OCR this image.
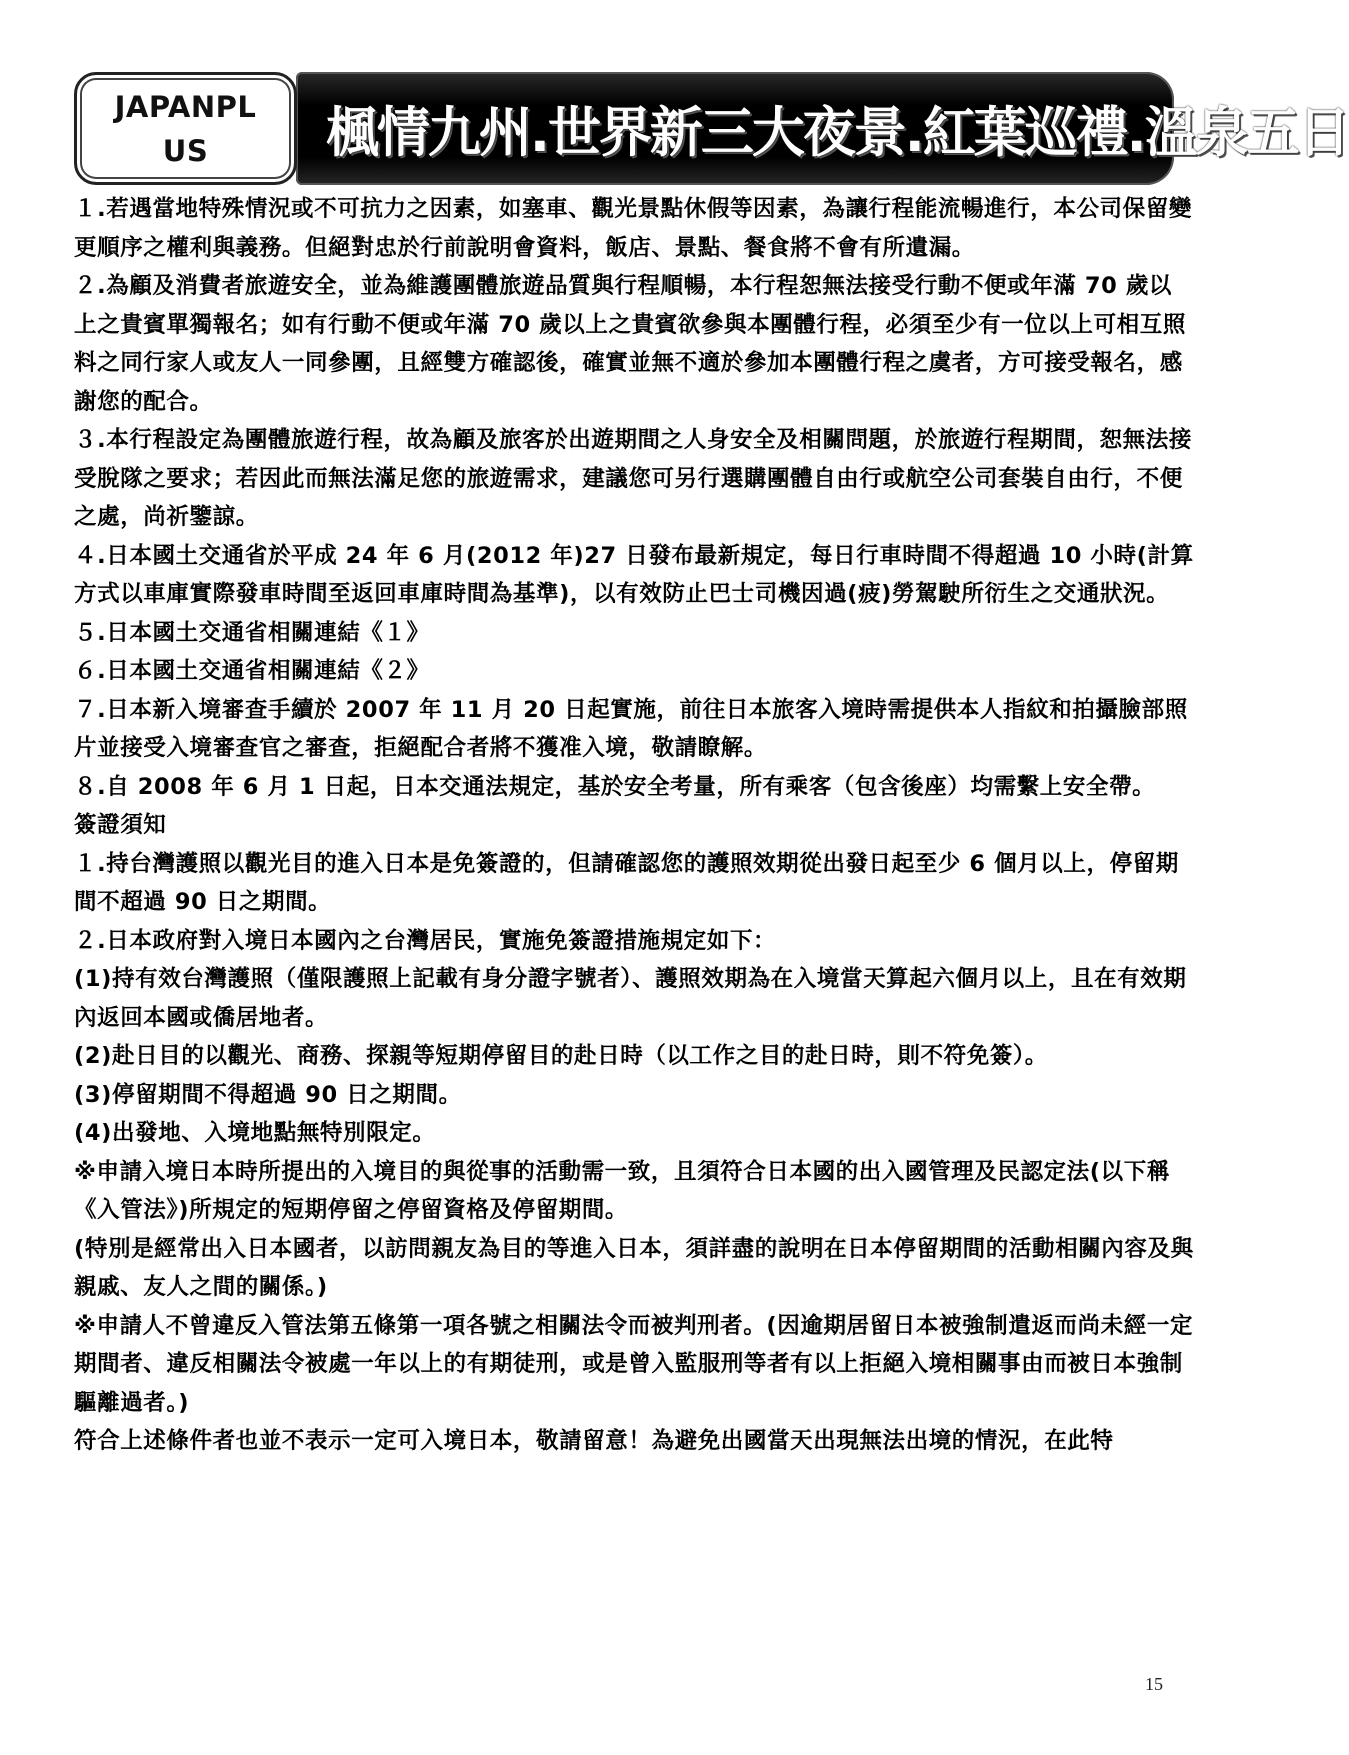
JAPANPLUS	楓情九州.世界新三大夜景.紅葉巡禮.溫泉五日

１.若遇當地特殊情況或不可抗力之因素，如塞車、觀光景點休假等因素，為讓行程能流暢進行，本公司保留變更順序之權利與義務。但絕對忠於行前說明會資料，飯店、景點、餐食將不會有所遺漏。

２.為顧及消費者旅遊安全，並為維護團體旅遊品質與行程順暢，本行程恕無法接受行動不便或年滿 70 歲以上之貴賓單獨報名；如有行動不便或年滿 70 歲以上之貴賓欲參與本團體行程，必須至少有一位以上可相互照料之同行家人或友人一同參團，且經雙方確認後，確實並無不適於參加本團體行程之虞者，方可接受報名，感謝您的配合。

３.本行程設定為團體旅遊行程，故為顧及旅客於出遊期間之人身安全及相關問題，於旅遊行程期間，恕無法接受脫隊之要求；若因此而無法滿足您的旅遊需求，建議您可另行選購團體自由行或航空公司套裝自由行，不便之處，尚祈鑒諒。

４.日本國土交通省於平成 24 年 6 月(2012 年)27 日發布最新規定，每日行車時間不得超過 10 小時(計算方式以車庫實際發車時間至返回車庫時間為基準)，以有效防止巴士司機因過(疲)勞駕駛所衍生之交通狀況。

５.日本國土交通省相關連結《１》

６.日本國土交通省相關連結《２》

７.日本新入境審查手續於 2007 年 11 月 20 日起實施，前往日本旅客入境時需提供本人指紋和拍攝臉部照片並接受入境審查官之審查，拒絕配合者將不獲准入境，敬請瞭解。

８.自 2008 年 6 月 1 日起，日本交通法規定，基於安全考量，所有乘客（包含後座）均需繫上安全帶。

簽證須知

１.持台灣護照以觀光目的進入日本是免簽證的，但請確認您的護照效期從出發日起至少 6 個月以上，停留期間不超過 90 日之期間。

２.日本政府對入境日本國內之台灣居民，實施免簽證措施規定如下：

(1)持有效台灣護照（僅限護照上記載有身分證字號者）、護照效期為在入境當天算起六個月以上，且在有效期內返回本國或僑居地者。

(2)赴日目的以觀光、商務、探親等短期停留目的赴日時（以工作之目的赴日時，則不符免簽）。

(3)停留期間不得超過 90 日之期間。

(4)出發地、入境地點無特別限定。

※申請入境日本時所提出的入境目的與從事的活動需一致，且須符合日本國的出入國管理及民認定法(以下稱《入管法》)所規定的短期停留之停留資格及停留期間。

(特別是經常出入日本國者，以訪問親友為目的等進入日本，須詳盡的說明在日本停留期間的活動相關內容及與親戚、友人之間的關係。)

※申請人不曾違反入管法第五條第一項各號之相關法令而被判刑者。(因逾期居留日本被強制遣返而尚未經一定期間者、違反相關法令被處一年以上的有期徒刑，或是曾入監服刑等者有以上拒絕入境相關事由而被日本強制驅離過者。)

符合上述條件者也並不表示一定可入境日本，敬請留意！為避免出國當天出現無法出境的情況，在此特

15
